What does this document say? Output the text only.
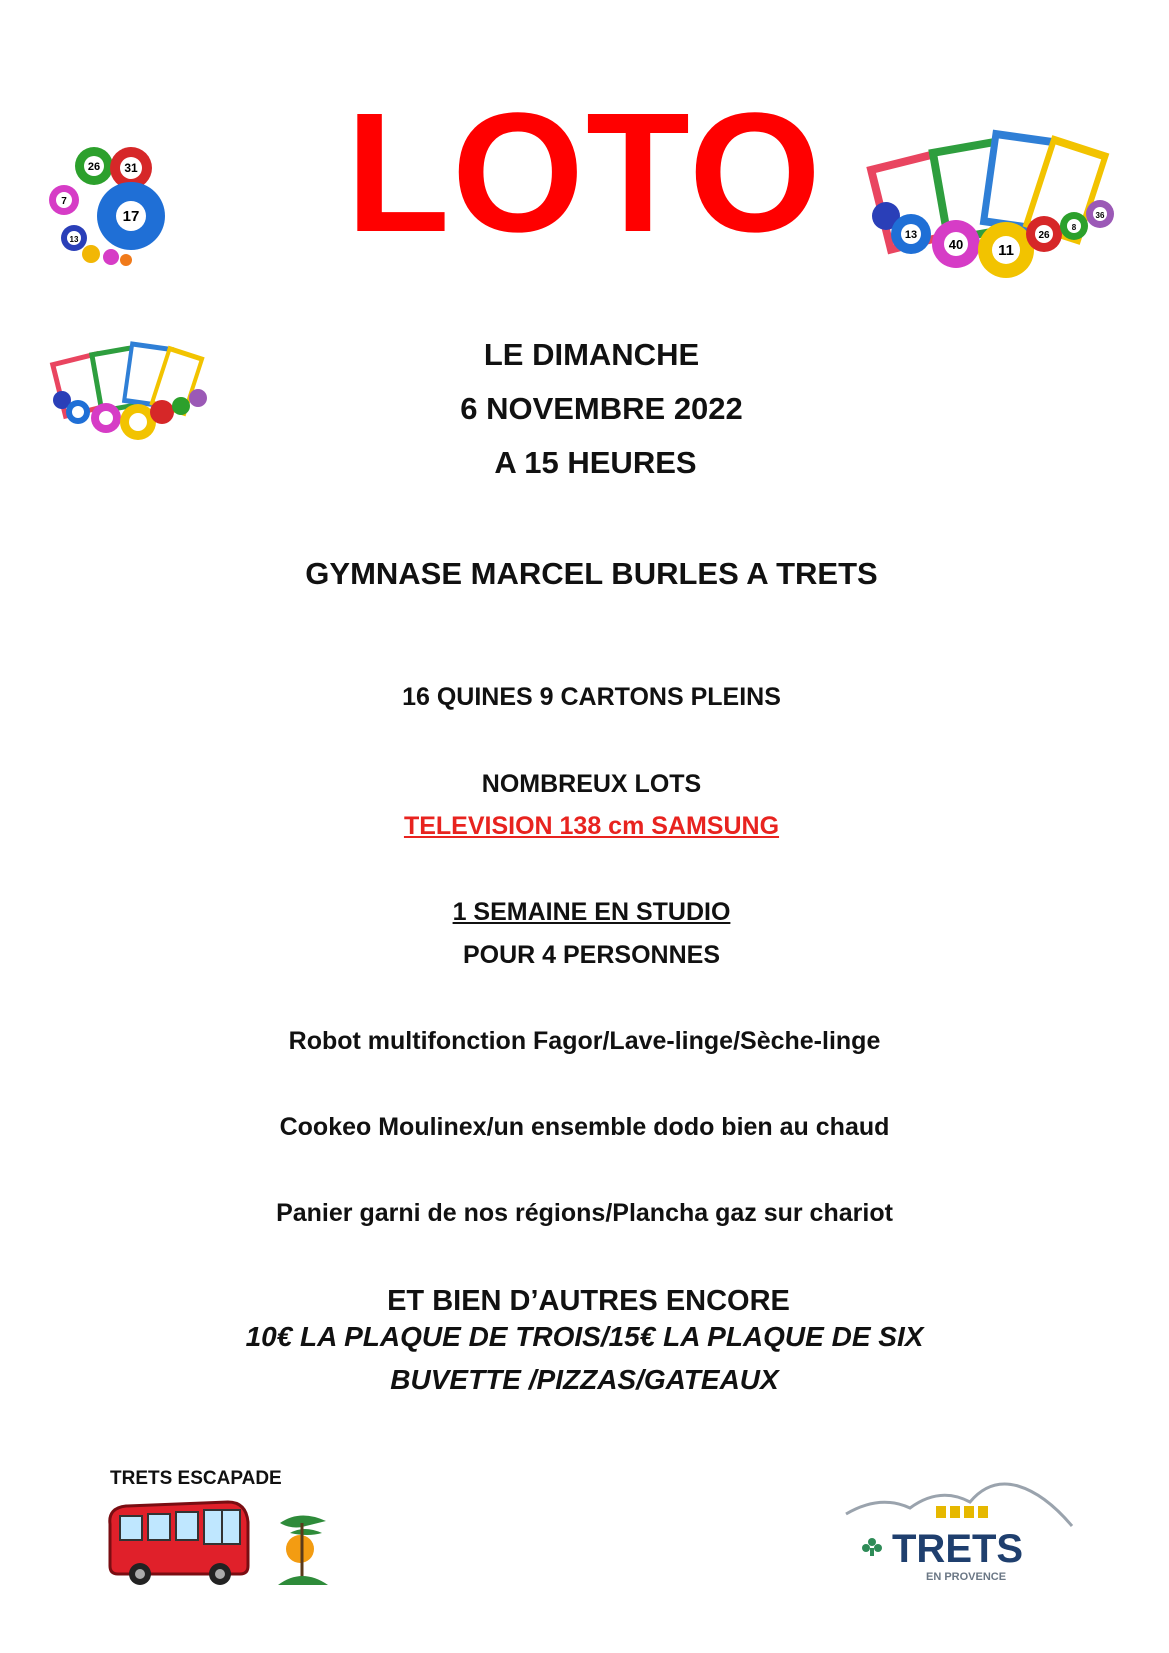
LOTO
26 31
7
17
13	13
40 11
26
8
36
LE DIMANCHE
6 NOVEMBRE 2022
A 15 HEURES
GYMNASE MARCEL BURLES A TRETS
16 QUINES 9 CARTONS PLEINS
NOMBREUX LOTS
TELEVISION 138 cm SAMSUNG
1 SEMAINE EN STUDIO
POUR 4 PERSONNES
Robot multifonction Fagor/Lave-linge/Sèche-linge
Cookeo Moulinex/un ensemble dodo bien au chaud
Panier garni de nos régions/Plancha gaz sur chariot
ET BIEN D’AUTRES ENCORE
10€ LA PLAQUE DE TROIS/15€ LA PLAQUE DE SIX
BUVETTE /PIZZAS/GATEAUX
TRETS ESCAPADE
TRETS
EN PROVENCE
